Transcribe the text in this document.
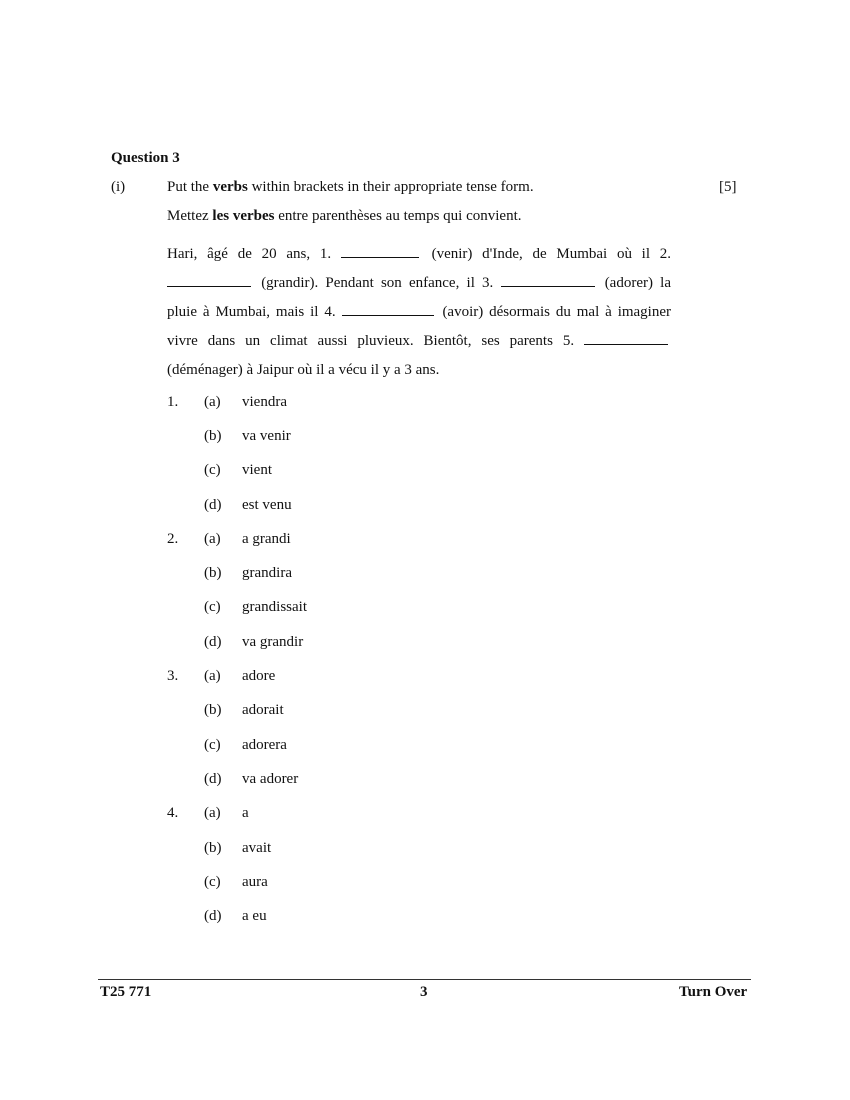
Question 3
(i)	[5]
Put the verbs within brackets in their appropriate tense form.
Mettez les verbes entre parenthèses au temps qui convient.
Hari, âgé de 20 ans, 1.	(venir) d'Inde, de Mumbai où il 2.  (grandir). Pendant son enfance, il 3.	(adorer) la pluie à Mumbai, mais il 4.	(avoir) désormais du mal à imaginer vivre dans un climat aussi pluvieux. Bientôt, ses parents 5.  (déménager) à Jaipur où il a vécu il y a 3 ans.
1. (a) viendra
(b) va venir
(c) vient
(d) est venu
2. (a) a grandi
(b) grandira
(c) grandissait
(d) va grandir
3. (a) adore
(b) adorait
(c) adorera
(d) va adorer
4. (a) a
(b) avait
(c) aura
(d) a eu
T25 771	3	Turn Over
